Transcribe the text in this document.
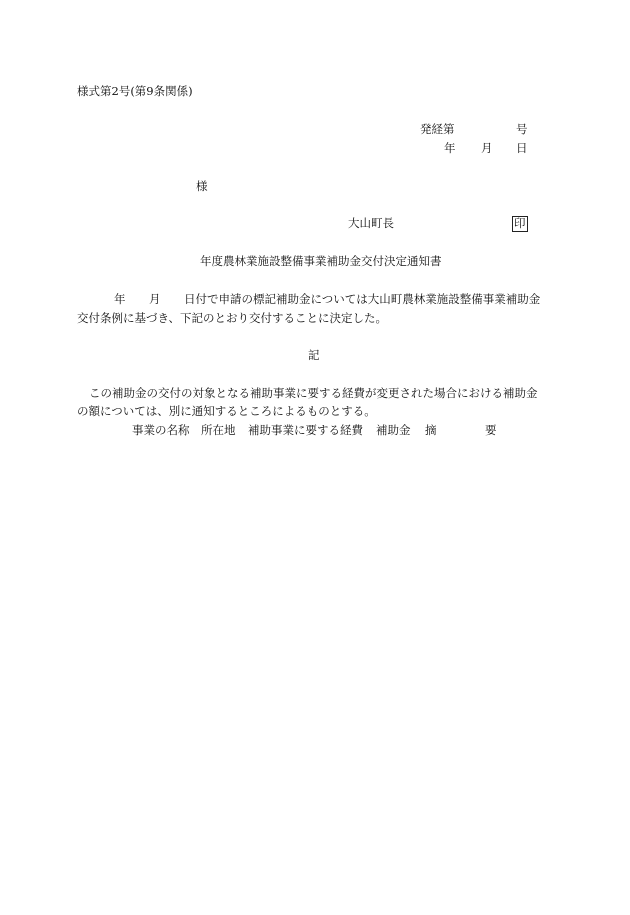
様式第2号(第9条関係)

発経第	号

年 月 日

様

大山町長	印

年度農林業施設整備事業補助金交付決定通知書

年 月 日付で申請の標記補助金については大山町農林業施設整備事業補助金

交付条例に基づき、下記のとおり交付することに決定した。

記

この補助金の交付の対象となる補助事業に要する経費が変更された場合における補助金

の額については、別に通知するところによるものとする。

事業の名称 所在地 補助事業に要する経費 補助金 摘	要
